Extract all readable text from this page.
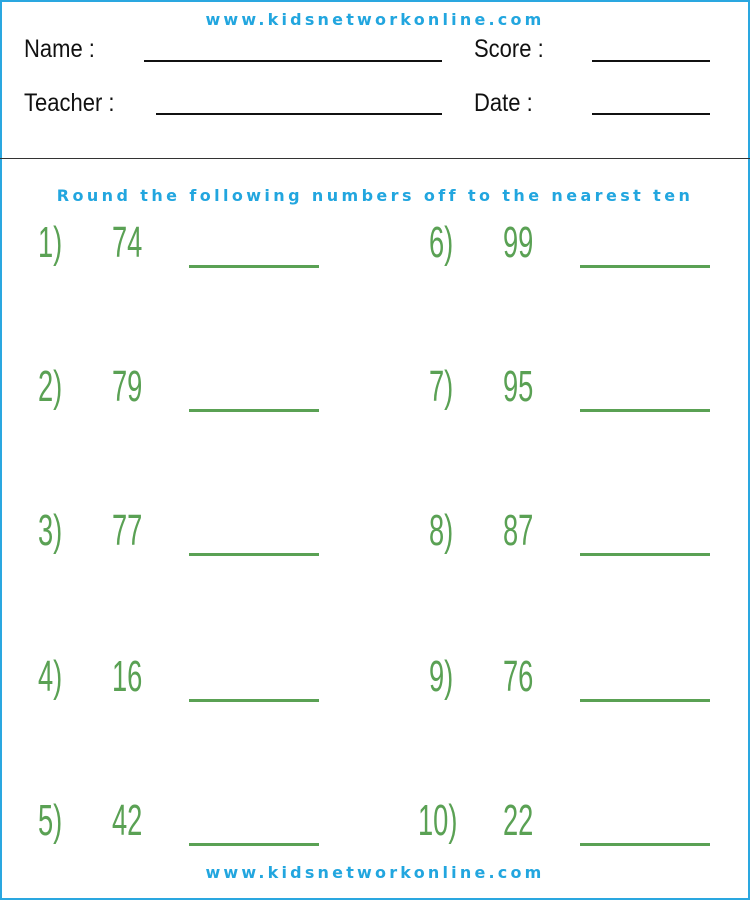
www.kidsnetworkonline.com
Name :	Score :
Teacher :	Date :
Round the following numbers off to the nearest ten
1) 74
2) 79
3) 77
4) 16
5) 42
6) 99
7) 95
8) 87
9) 76
10) 22
www.kidsnetworkonline.com
